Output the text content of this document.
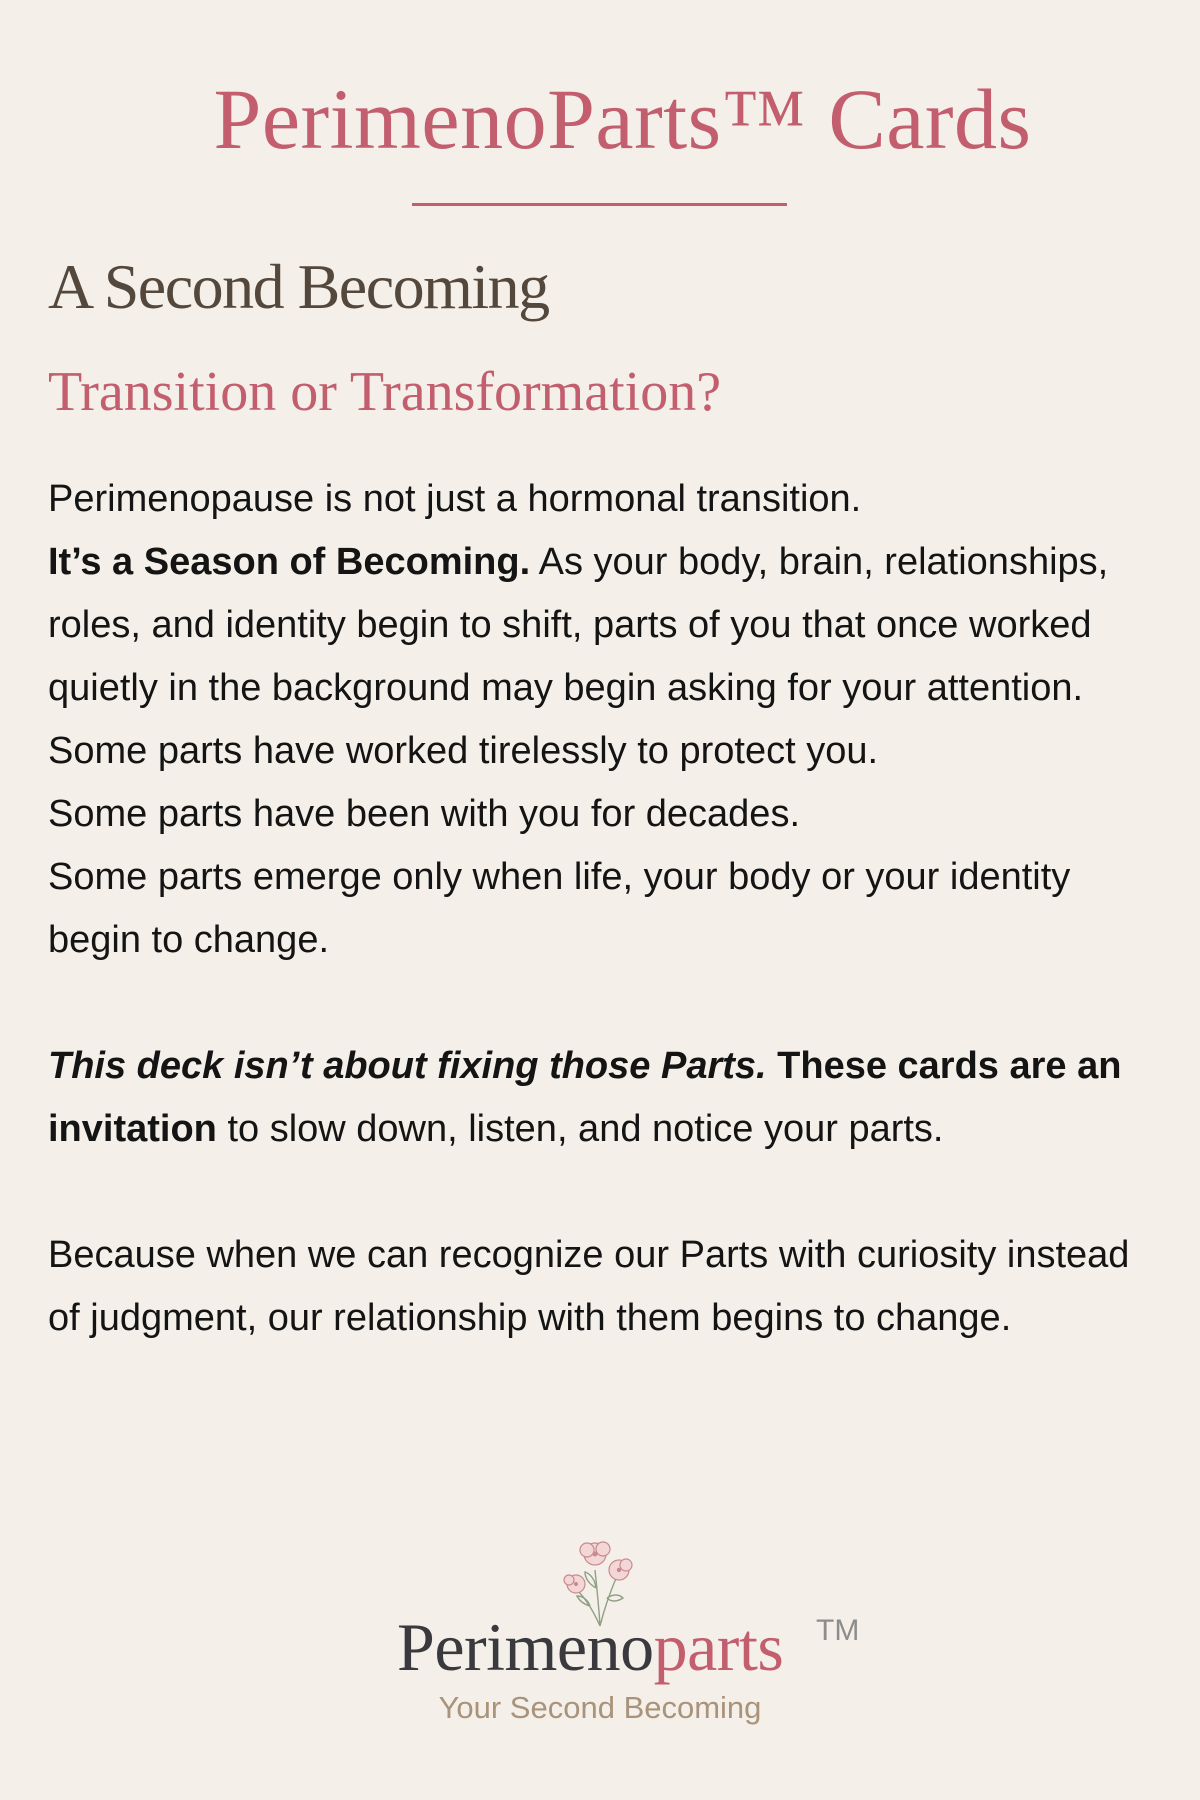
PerimenoParts™ Cards
A Second Becoming
Transition or Transformation?

Perimenopause is not just a hormonal transition.

It’s a Season of Becoming. As your body, brain, relationships, roles, and identity begin to shift, parts of you that once worked quietly in the background may begin asking for your attention.

Some parts have worked tirelessly to protect you.

Some parts have been with you for decades.

Some parts emerge only when life, your body or your identity begin to change.

This deck isn’t about fixing those Parts. These cards are an invitation to slow down, listen, and notice your parts.

Because when we can recognize our Parts with curiosity instead of judgment, our relationship with them begins to change.

Perimenoparts TM
Your Second Becoming
